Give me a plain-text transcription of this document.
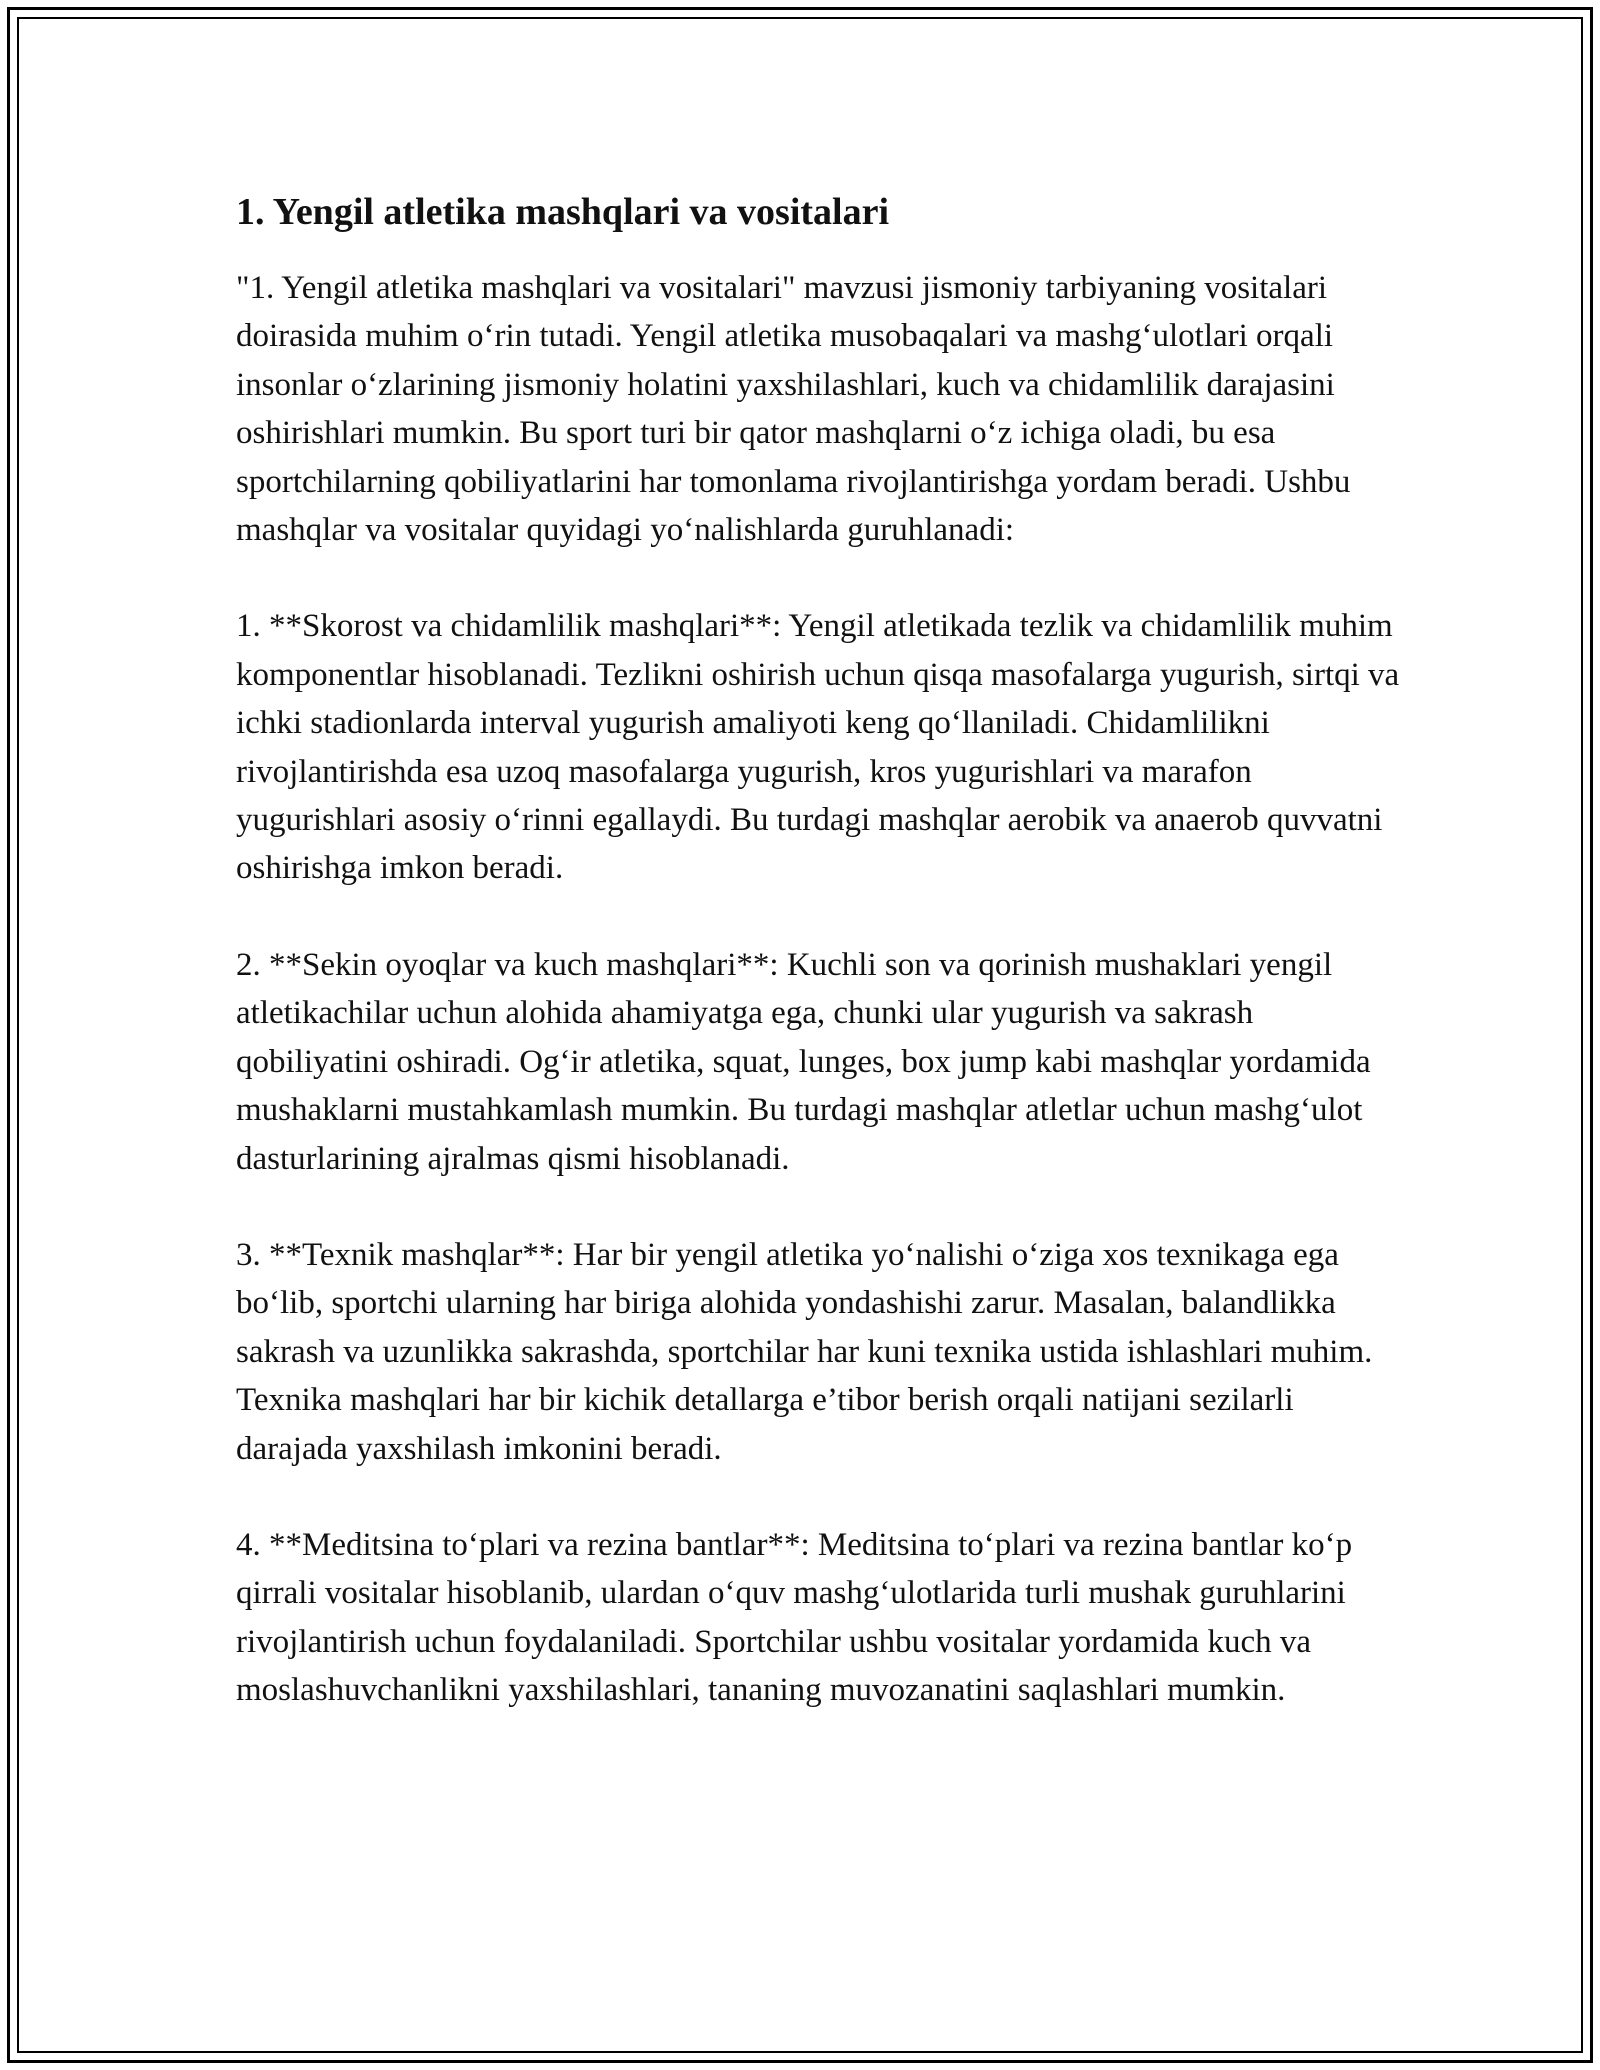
1. Yengil atletika mashqlari va vositalari

"1. Yengil atletika mashqlari va vositalari" mavzusi jismoniy tarbiyaning vositalari doirasida muhim o‘rin tutadi. Yengil atletika musobaqalari va mashg‘ulotlari orqali insonlar o‘zlarining jismoniy holatini yaxshilashlari, kuch va chidamlilik darajasini oshirishlari mumkin. Bu sport turi bir qator mashqlarni o‘z ichiga oladi, bu esa sportchilarning qobiliyatlarini har tomonlama rivojlantirishga yordam beradi. Ushbu mashqlar va vositalar quyidagi yo‘nalishlarda guruhlanadi:

1. **Skorost va chidamlilik mashqlari**: Yengil atletikada tezlik va chidamlilik muhim komponentlar hisoblanadi. Tezlikni oshirish uchun qisqa masofalarga yugurish, sirtqi va ichki stadionlarda interval yugurish amaliyoti keng qo‘llaniladi. Chidamlilikni rivojlantirishda esa uzoq masofalarga yugurish, kros yugurishlari va marafon yugurishlari asosiy o‘rinni egallaydi. Bu turdagi mashqlar aerobik va anaerob quvvatni oshirishga imkon beradi.

2. **Sekin oyoqlar va kuch mashqlari**: Kuchli son va qorinish mushaklari yengil atletikachilar uchun alohida ahamiyatga ega, chunki ular yugurish va sakrash qobiliyatini oshiradi. Og‘ir atletika, squat, lunges, box jump kabi mashqlar yordamida mushaklarni mustahkamlash mumkin. Bu turdagi mashqlar atletlar uchun mashg‘ulot dasturlarining ajralmas qismi hisoblanadi.

3. **Texnik mashqlar**: Har bir yengil atletika yo‘nalishi o‘ziga xos texnikaga ega bo‘lib, sportchi ularning har biriga alohida yondashishi zarur. Masalan, balandlikka sakrash va uzunlikka sakrashda, sportchilar har kuni texnika ustida ishlashlari muhim. Texnika mashqlari har bir kichik detallarga e’tibor berish orqali natijani sezilarli darajada yaxshilash imkonini beradi.

4. **Meditsina to‘plari va rezina bantlar**: Meditsina to‘plari va rezina bantlar ko‘p qirrali vositalar hisoblanib, ulardan o‘quv mashg‘ulotlarida turli mushak guruhlarini rivojlantirish uchun foydalaniladi. Sportchilar ushbu vositalar yordamida kuch va moslashuvchanlikni yaxshilashlari, tananing muvozanatini saqlashlari mumkin.
